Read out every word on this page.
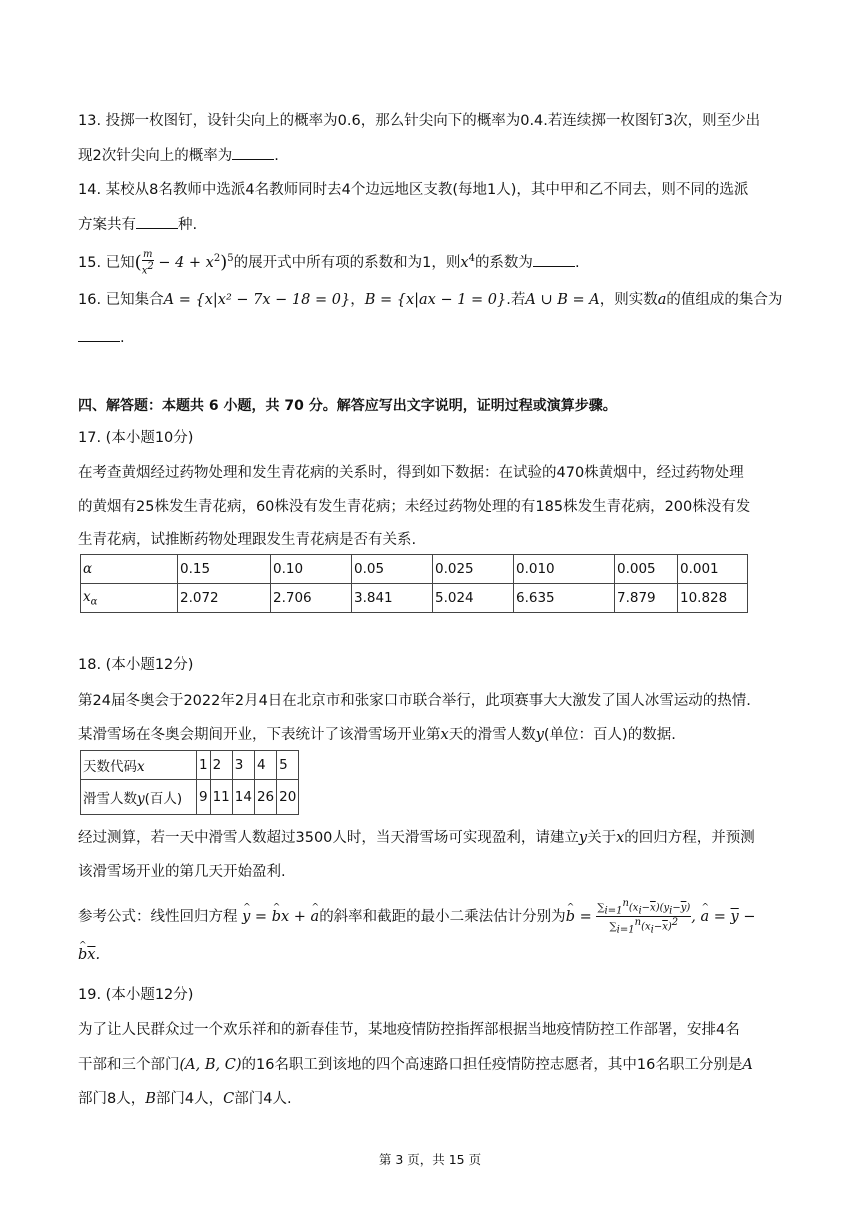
13. 投掷一枚图钉，设针尖向上的概率为0.6，那么针尖向下的概率为0.4.若连续掷一枚图钉3次，则至少出
现2次针尖向上的概率为	.
14. 某校从8名教师中选派4名教师同时去4个边远地区支教(每地1人)，其中甲和乙不同去，则不同的选派
方案共有	种.
15. 已知( $\frac{m}{x^2} - 4 + x^2)^5$的展开式中所有项的系数和为1，则$x^4$的系数为	.
16. 已知集合A = {x|x² − 7x − 18 = 0}，B = {x|ax − 1 = 0}.若A ∪ B = A，则实数a的值组成的集合为
.
四、解答题：本题共 6 小题，共 70 分。解答应写出文字说明，证明过程或演算步骤。
17. (本小题10分)
在考查黄烟经过药物处理和发生青花病的关系时，得到如下数据：在试验的470株黄烟中，经过药物处理
的黄烟有25株发生青花病，60株没有发生青花病；未经过药物处理的有185株发生青花病，200株没有发
生青花病，试推断药物处理跟发生青花病是否有关系.
α	0.15	0.10	0.05	0.025	0.010	0.005	0.001
$x_\alpha$	2.072	2.706	3.841	5.024	6.635	7.879	10.828
18. (本小题12分)
第24届冬奥会于2022年2月4日在北京市和张家口市联合举行，此项赛事大大激发了国人冰雪运动的热情.
某滑雪场在冬奥会期间开业，下表统计了该滑雪场开业第x天的滑雪人数y(单位：百人)的数据.
天数代码x	1	2	3	4	5
滑雪人数y(百人)	9	11	14	26	20
经过测算，若一天中滑雪人数超过3500人时，当天滑雪场可实现盈利，请建立y关于x的回归方程，并预测
该滑雪场开业的第几天开始盈利.
参考公式：线性回归方程 ^ y = ^ bx + ^ a的斜率和截距的最小二乘法估计分别为^ $b = \frac{\sum_{i=1}^n(x_i-\overline{x})(y_i-\overline{y})}{\sum_{i=1}^n(x_i-\overline{x})^2}$ , ^ $a = \overline{y}$ −
^ $b\overline{x}$.
19. (本小题12分)
为了让人民群众过一个欢乐祥和的新春佳节，某地疫情防控指挥部根据当地疫情防控工作部署，安排4名
干部和三个部门(A, B, C)的16名职工到该地的四个高速路口担任疫情防控志愿者，其中16名职工分别是A
部门8人，B部门4人，C部门4人.
第 3 页，共 15 页
